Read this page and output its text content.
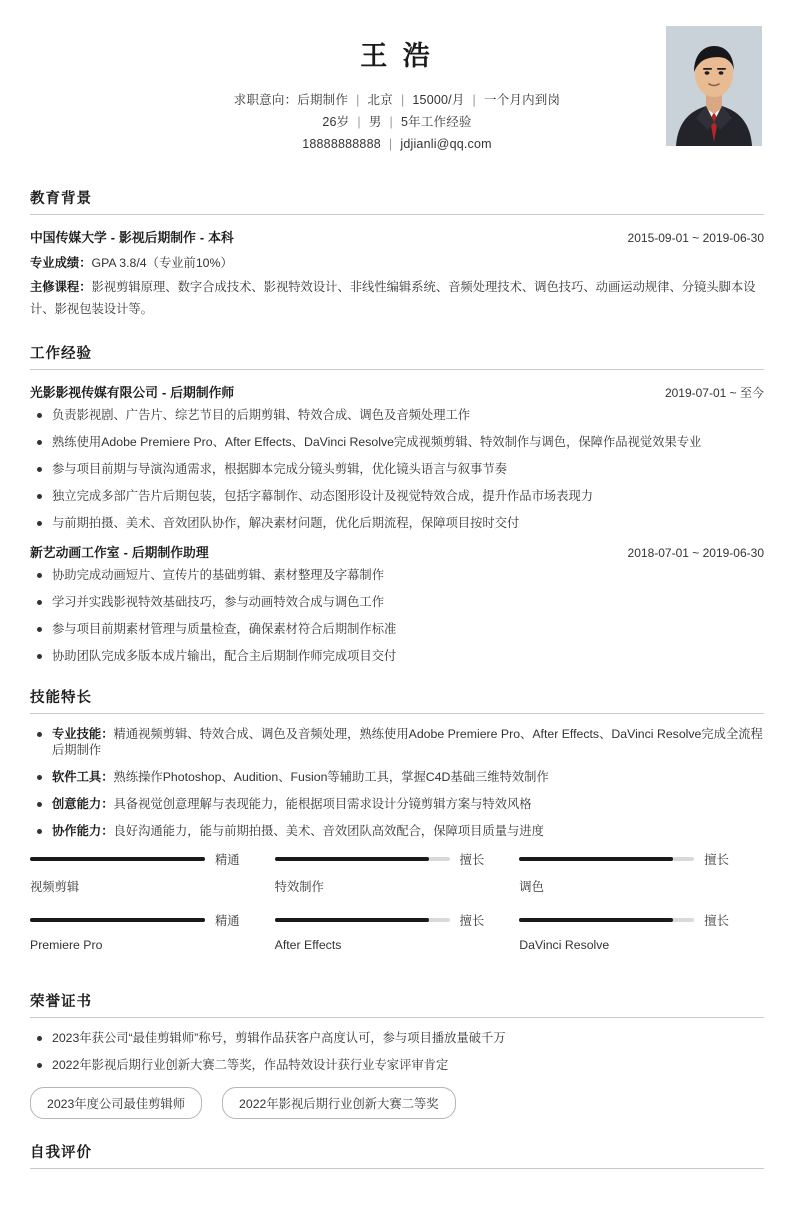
王 浩
求职意向：后期制作 | 北京 | 15000/月 | 一个月内到岗
26岁 | 男 | 5年工作经验
18888888888 | jdjianli@qq.com
教育背景
中国传媒大学 - 影视后期制作 - 本科	2015-09-01 ~ 2019-06-30
专业成绩：GPA 3.8/4（专业前10%）
主修课程：影视剪辑原理、数字合成技术、影视特效设计、非线性编辑系统、音频处理技术、调色技巧、动画运动规律、分镜头脚本设计、影视包装设计等。
工作经验
光影影视传媒有限公司 - 后期制作师	2019-07-01 ~ 至今
负责影视剧、广告片、综艺节目的后期剪辑、特效合成、调色及音频处理工作
熟练使用Adobe Premiere Pro、After Effects、DaVinci Resolve完成视频剪辑、特效制作与调色，保障作品视觉效果专业
参与项目前期与导演沟通需求，根据脚本完成分镜头剪辑，优化镜头语言与叙事节奏
独立完成多部广告片后期包装，包括字幕制作、动态图形设计及视觉特效合成，提升作品市场表现力
与前期拍摄、美术、音效团队协作，解决素材问题，优化后期流程，保障项目按时交付
新艺动画工作室 - 后期制作助理	2018-07-01 ~ 2019-06-30
协助完成动画短片、宣传片的基础剪辑、素材整理及字幕制作
学习并实践影视特效基础技巧，参与动画特效合成与调色工作
参与项目前期素材管理与质量检查，确保素材符合后期制作标准
协助团队完成多版本成片输出，配合主后期制作师完成项目交付
技能特长
专业技能：精通视频剪辑、特效合成、调色及音频处理，熟练使用Adobe Premiere Pro、After Effects、DaVinci Resolve完成全流程后期制作
软件工具：熟练操作Photoshop、Audition、Fusion等辅助工具，掌握C4D基础三维特效制作
创意能力：具备视觉创意理解与表现能力，能根据项目需求设计分镜剪辑方案与特效风格
协作能力：良好沟通能力，能与前期拍摄、美术、音效团队高效配合，保障项目质量与进度
精通
视频剪辑
擅长
特效制作
擅长
调色
精通
Premiere Pro
擅长
After Effects
擅长
DaVinci Resolve
荣誉证书
2023年获公司“最佳剪辑师”称号，剪辑作品获客户高度认可，参与项目播放量破千万
2022年影视后期行业创新大赛二等奖，作品特效设计获行业专家评审肯定
2023年度公司最佳剪辑师	2022年影视后期行业创新大赛二等奖
自我评价
